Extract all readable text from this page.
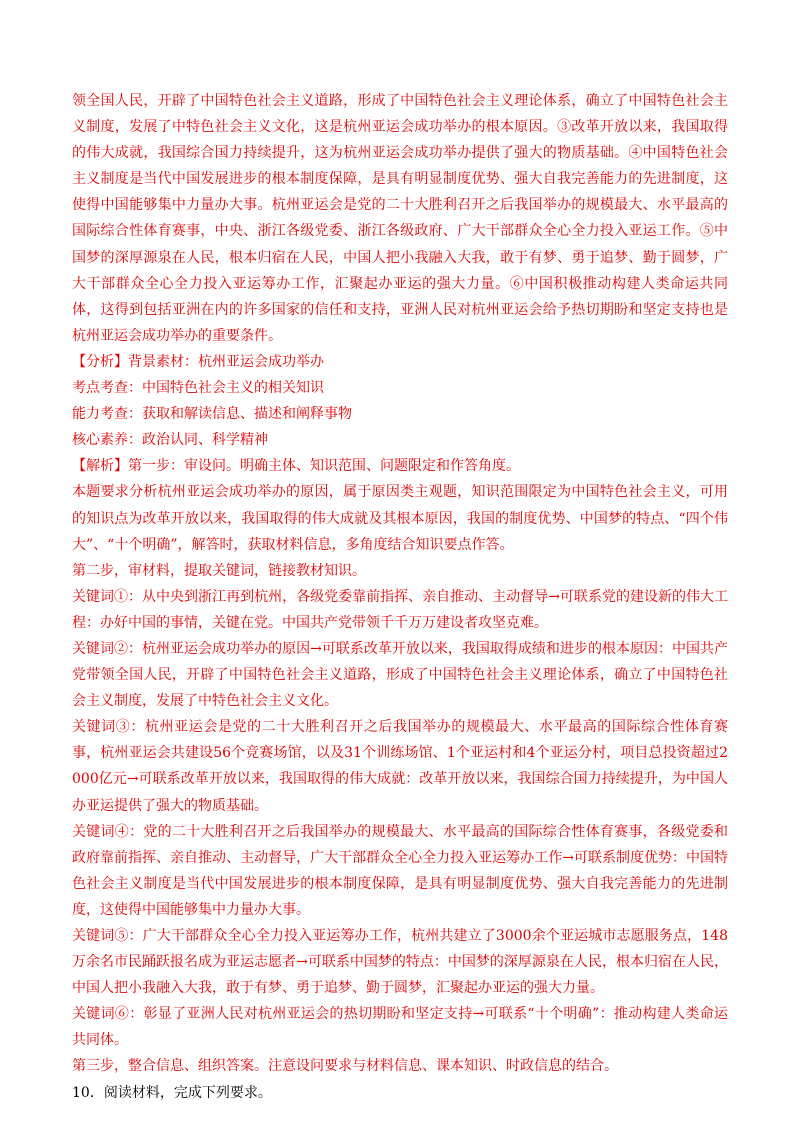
领全国人民，开辟了中国特色社会主义道路，形成了中国特色社会主义理论体系，确立了中国特色社会主义制度，发展了中特色社会主义文化，这是杭州亚运会成功举办的根本原因。③改革开放以来，我国取得的伟大成就，我国综合国力持续提升，这为杭州亚运会成功举办提供了强大的物质基础。④中国特色社会主义制度是当代中国发展进步的根本制度保障，是具有明显制度优势、强大自我完善能力的先进制度，这使得中国能够集中力量办大事。杭州亚运会是党的二十大胜利召开之后我国举办的规模最大、水平最高的国际综合性体育赛事，中央、浙江各级党委、浙江各级政府、广大干部群众全心全力投入亚运工作。⑤中国梦的深厚源泉在人民，根本归宿在人民，中国人把小我融入大我，敢于有梦、勇于追梦、勤于圆梦，广大干部群众全心全力投入亚运筹办工作，汇聚起办亚运的强大力量。⑥中国积极推动构建人类命运共同体，这得到包括亚洲在内的许多国家的信任和支持，亚洲人民对杭州亚运会给予热切期盼和坚定支持也是杭州亚运会成功举办的重要条件。

【分析】背景素材：杭州亚运会成功举办

考点考查：中国特色社会主义的相关知识

能力考查：获取和解读信息、描述和阐释事物

核心素养：政治认同、科学精神

【解析】第一步：审设问。明确主体、知识范围、问题限定和作答角度。

本题要求分析杭州亚运会成功举办的原因，属于原因类主观题，知识范围限定为中国特色社会主义，可用的知识点为改革开放以来，我国取得的伟大成就及其根本原因，我国的制度优势、中国梦的特点、“四个伟大”、“十个明确”，解答时，获取材料信息，多角度结合知识要点作答。

第二步，审材料，提取关键词，链接教材知识。

关键词①：从中央到浙江再到杭州，各级党委靠前指挥、亲自推动、主动督导→可联系党的建设新的伟大工程：办好中国的事情，关键在党。中国共产党带领千千万万建设者攻坚克难。

关键词②：杭州亚运会成功举办的原因→可联系改革开放以来，我国取得成绩和进步的根本原因：中国共产党带领全国人民，开辟了中国特色社会主义道路，形成了中国特色社会主义理论体系，确立了中国特色社会主义制度，发展了中特色社会主义文化。

关键词③：杭州亚运会是党的二十大胜利召开之后我国举办的规模最大、水平最高的国际综合性体育赛事，杭州亚运会共建设56个竞赛场馆，以及31个训练场馆、1个亚运村和4个亚运分村，项目总投资超过2000亿元→可联系改革开放以来，我国取得的伟大成就：改革开放以来，我国综合国力持续提升，为中国人办亚运提供了强大的物质基础。

关键词④：党的二十大胜利召开之后我国举办的规模最大、水平最高的国际综合性体育赛事，各级党委和政府靠前指挥、亲自推动、主动督导，广大干部群众全心全力投入亚运筹办工作→可联系制度优势：中国特色社会主义制度是当代中国发展进步的根本制度保障，是具有明显制度优势、强大自我完善能力的先进制度，这使得中国能够集中力量办大事。

关键词⑤：广大干部群众全心全力投入亚运筹办工作，杭州共建立了3000余个亚运城市志愿服务点，148万余名市民踊跃报名成为亚运志愿者→可联系中国梦的特点：中国梦的深厚源泉在人民，根本归宿在人民，中国人把小我融入大我，敢于有梦、勇于追梦、勤于圆梦，汇聚起办亚运的强大力量。

关键词⑥：彰显了亚洲人民对杭州亚运会的热切期盼和坚定支持→可联系“十个明确”：推动构建人类命运共同体。

第三步，整合信息、组织答案。注意设问要求与材料信息、课本知识、时政信息的结合。

10．阅读材料，完成下列要求。
